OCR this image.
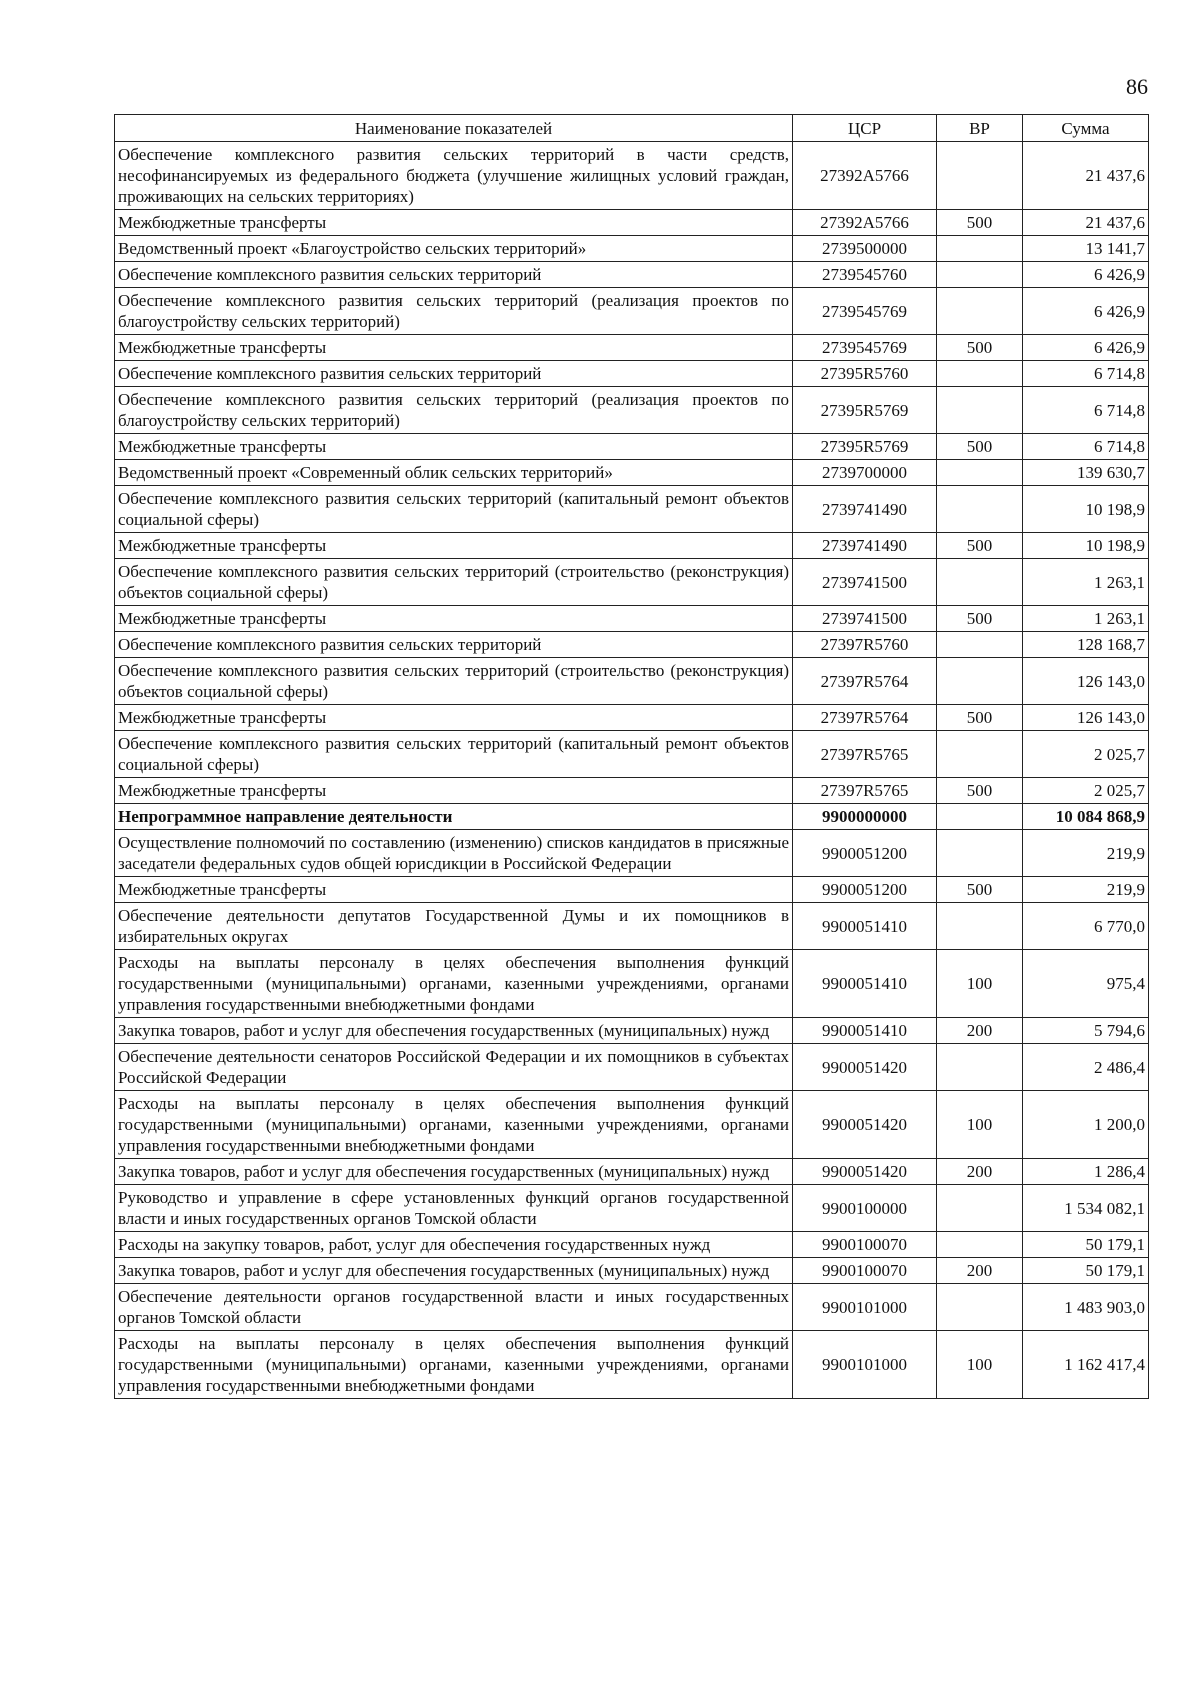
86
Наименование показателей	ЦСР	ВР	Сумма
Обеспечение комплексного развития сельских территорий в части средств, несофинансируемых из федерального бюджета (улучшение жилищных условий граждан, проживающих на сельских территориях)	27392А5766		21 437,6
Межбюджетные трансферты	27392А5766	500	21 437,6
Ведомственный проект «Благоустройство сельских территорий»	2739500000		13 141,7
Обеспечение комплексного развития сельских территорий	2739545760		6 426,9
Обеспечение комплексного развития сельских территорий (реализация проектов по благоустройству сельских территорий)	2739545769		6 426,9
Межбюджетные трансферты	2739545769	500	6 426,9
Обеспечение комплексного развития сельских территорий	27395R5760		6 714,8
Обеспечение комплексного развития сельских территорий (реализация проектов по благоустройству сельских территорий)	27395R5769		6 714,8
Межбюджетные трансферты	27395R5769	500	6 714,8
Ведомственный проект «Современный облик сельских территорий»	2739700000		139 630,7
Обеспечение комплексного развития сельских территорий (капитальный ремонт объектов социальной сферы)	2739741490		10 198,9
Межбюджетные трансферты	2739741490	500	10 198,9
Обеспечение комплексного развития сельских территорий (строительство (реконструкция) объектов социальной сферы)	2739741500		1 263,1
Межбюджетные трансферты	2739741500	500	1 263,1
Обеспечение комплексного развития сельских территорий	27397R5760		128 168,7
Обеспечение комплексного развития сельских территорий (строительство (реконструкция) объектов социальной сферы)	27397R5764		126 143,0
Межбюджетные трансферты	27397R5764	500	126 143,0
Обеспечение комплексного развития сельских территорий (капитальный ремонт объектов социальной сферы)	27397R5765		2 025,7
Межбюджетные трансферты	27397R5765	500	2 025,7
Непрограммное направление деятельности	9900000000		10 084 868,9
Осуществление полномочий по составлению (изменению) списков кандидатов в присяжные заседатели федеральных судов общей юрисдикции в Российской Федерации	9900051200		219,9
Межбюджетные трансферты	9900051200	500	219,9
Обеспечение деятельности депутатов Государственной Думы и их помощников в избирательных округах	9900051410		6 770,0
Расходы на выплаты персоналу в целях обеспечения выполнения функций государственными (муниципальными) органами, казенными учреждениями, органами управления государственными внебюджетными фондами	9900051410	100	975,4
Закупка товаров, работ и услуг для обеспечения государственных (муниципальных) нужд	9900051410	200	5 794,6
Обеспечение деятельности сенаторов Российской Федерации и их помощников в субъектах Российской Федерации	9900051420		2 486,4
Расходы на выплаты персоналу в целях обеспечения выполнения функций государственными (муниципальными) органами, казенными учреждениями, органами управления государственными внебюджетными фондами	9900051420	100	1 200,0
Закупка товаров, работ и услуг для обеспечения государственных (муниципальных) нужд	9900051420	200	1 286,4
Руководство и управление в сфере установленных функций органов государственной власти и иных государственных органов Томской области	9900100000		1 534 082,1
Расходы на закупку товаров, работ, услуг для обеспечения государственных нужд	9900100070		50 179,1
Закупка товаров, работ и услуг для обеспечения государственных (муниципальных) нужд	9900100070	200	50 179,1
Обеспечение деятельности органов государственной власти и иных государственных органов Томской области	9900101000		1 483 903,0
Расходы на выплаты персоналу в целях обеспечения выполнения функций государственными (муниципальными) органами, казенными учреждениями, органами управления государственными внебюджетными фондами	9900101000	100	1 162 417,4
